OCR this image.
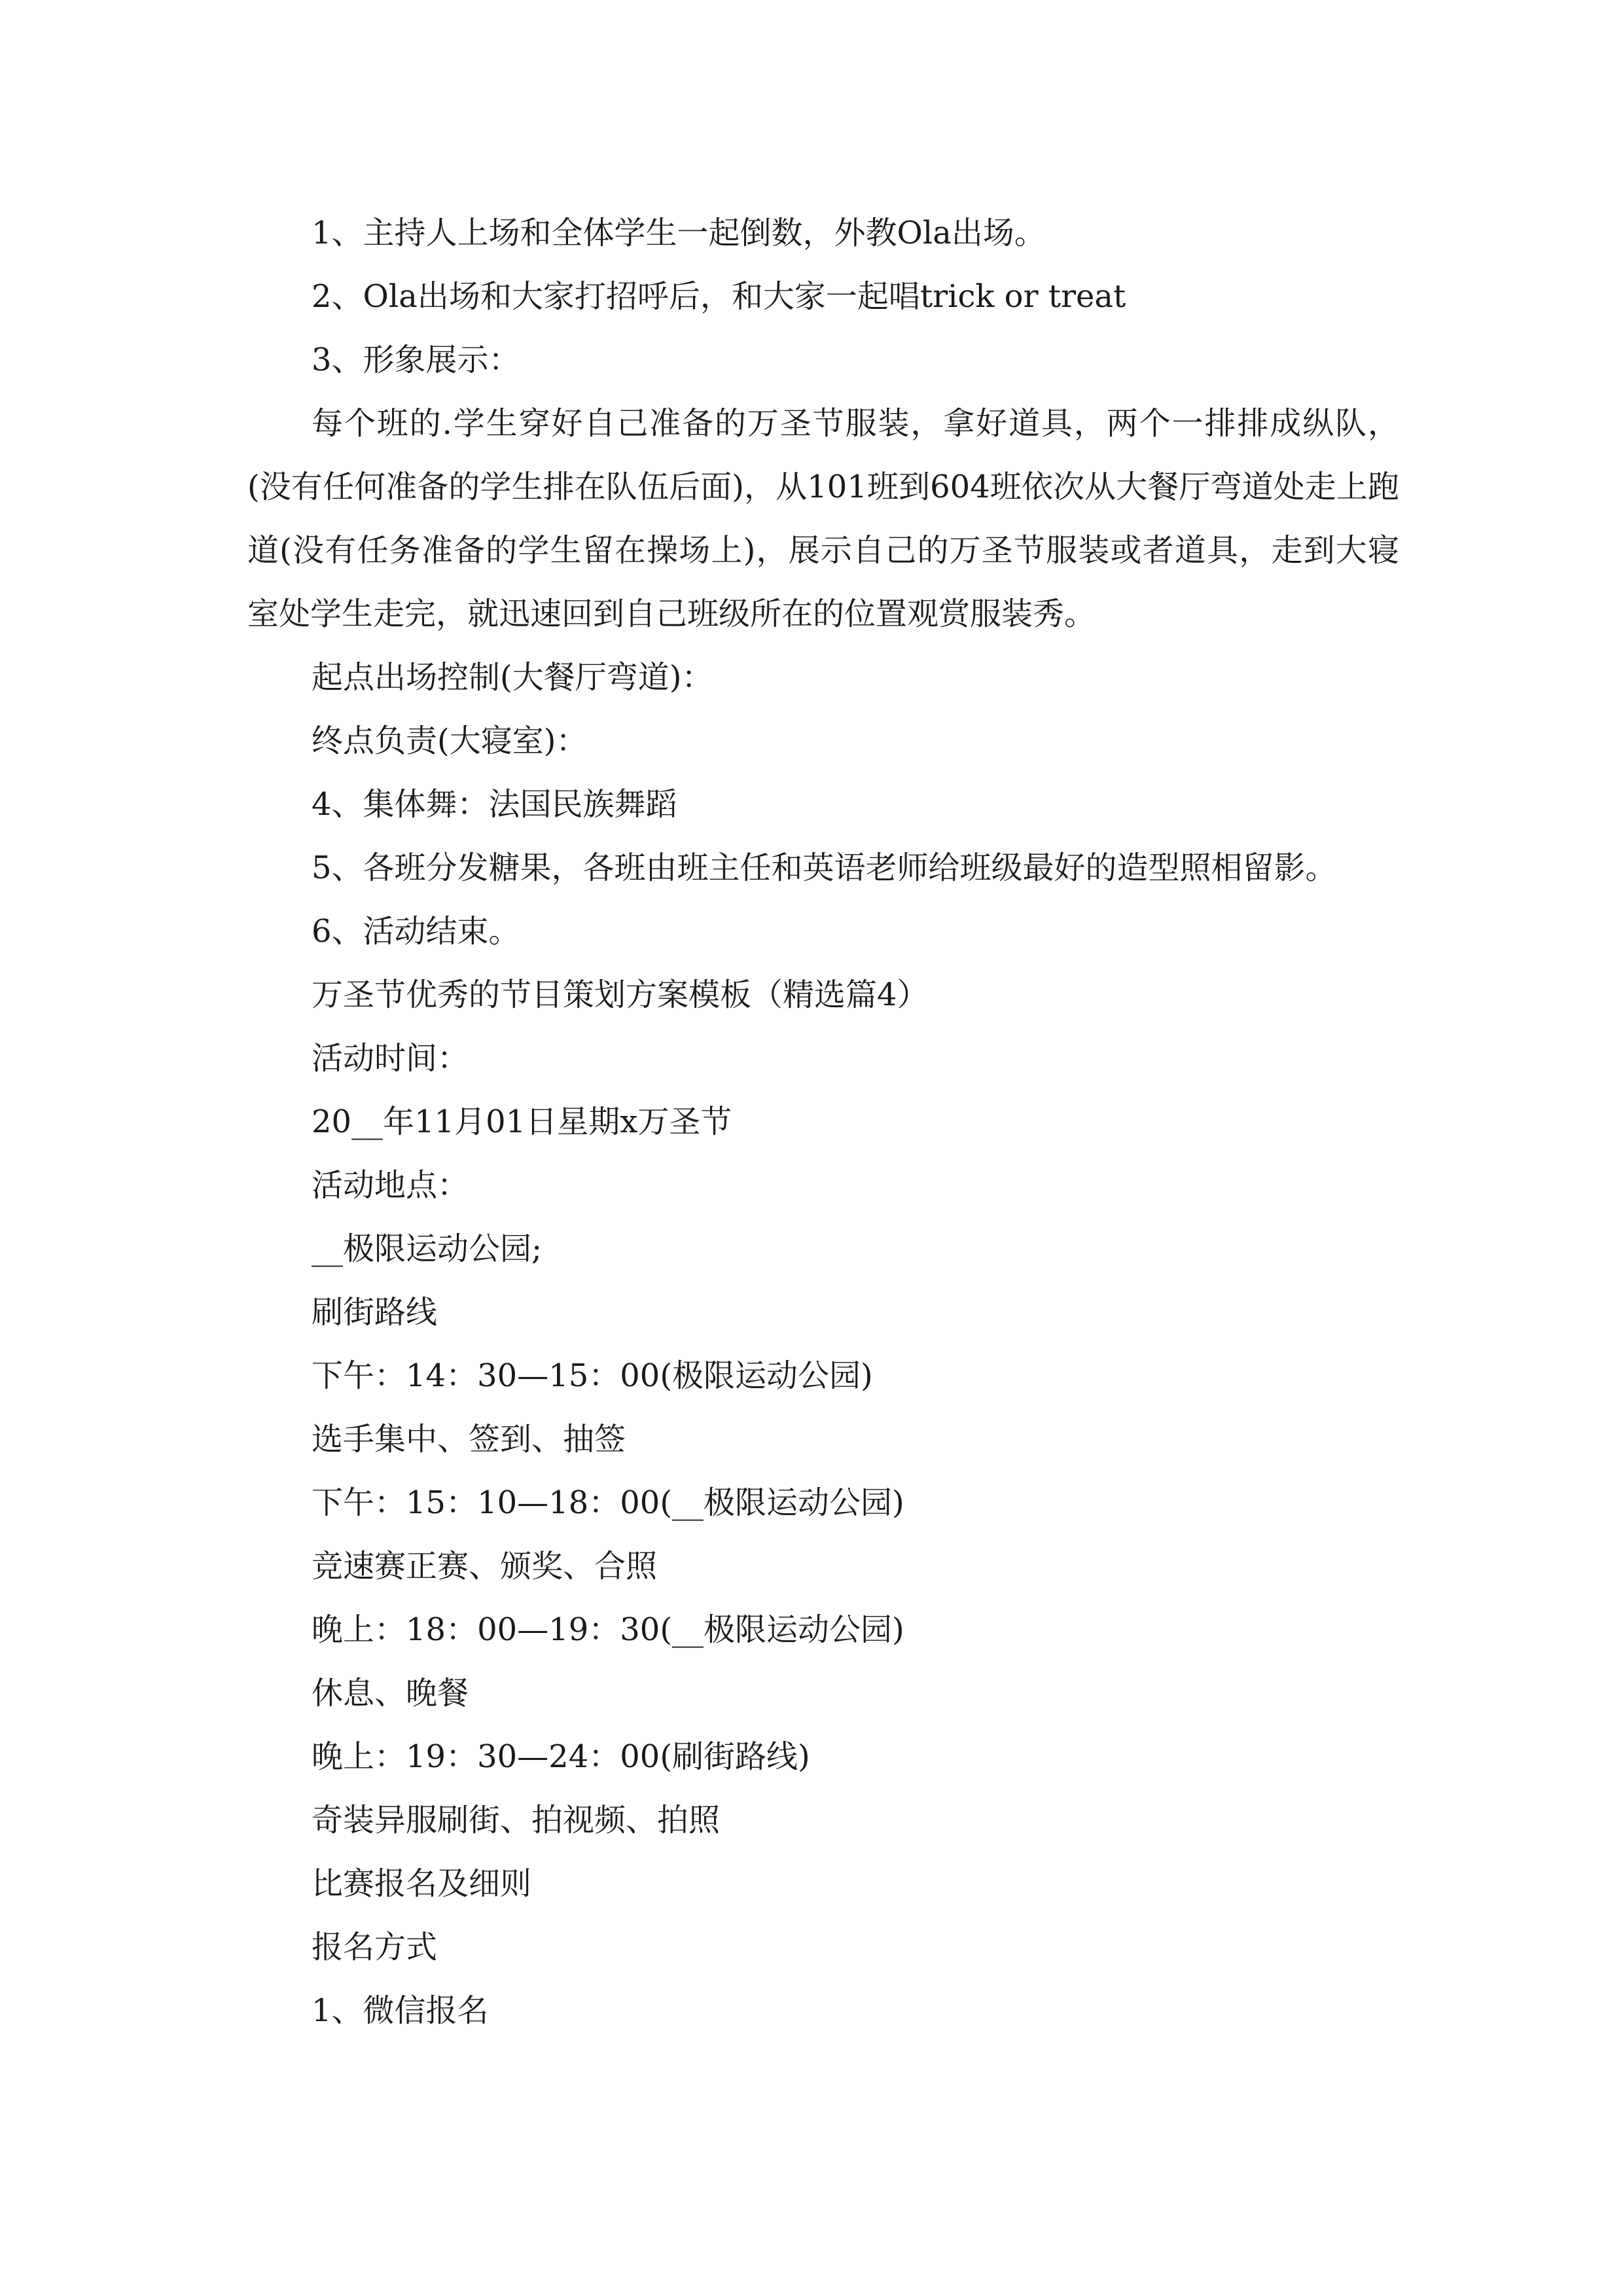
1、主持人上场和全体学生一起倒数，外教Ola出场。

2、Ola出场和大家打招呼后，和大家一起唱trick or treat

3、形象展示：

每个班的.学生穿好自己准备的万圣节服装，拿好道具，两个一排排成纵队，(没有任何准备的学生排在队伍后面)，从101班到604班依次从大餐厅弯道处走上跑道(没有任务准备的学生留在操场上)，展示自己的万圣节服装或者道具，走到大寝室处学生走完，就迅速回到自己班级所在的位置观赏服装秀。

起点出场控制(大餐厅弯道)：

终点负责(大寝室)：

4、集体舞：法国民族舞蹈

5、各班分发糖果，各班由班主任和英语老师给班级最好的造型照相留影。

6、活动结束。

万圣节优秀的节目策划方案模板（精选篇4）

活动时间：

20__年11月01日星期x万圣节

活动地点：

__极限运动公园;

刷街路线

下午：14：30—15：00(极限运动公园)

选手集中、签到、抽签

下午：15：10—18：00(__极限运动公园)

竞速赛正赛、颁奖、合照

晚上：18：00—19：30(__极限运动公园)

休息、晚餐

晚上：19：30—24：00(刷街路线)

奇装异服刷街、拍视频、拍照

比赛报名及细则

报名方式

1、微信报名
